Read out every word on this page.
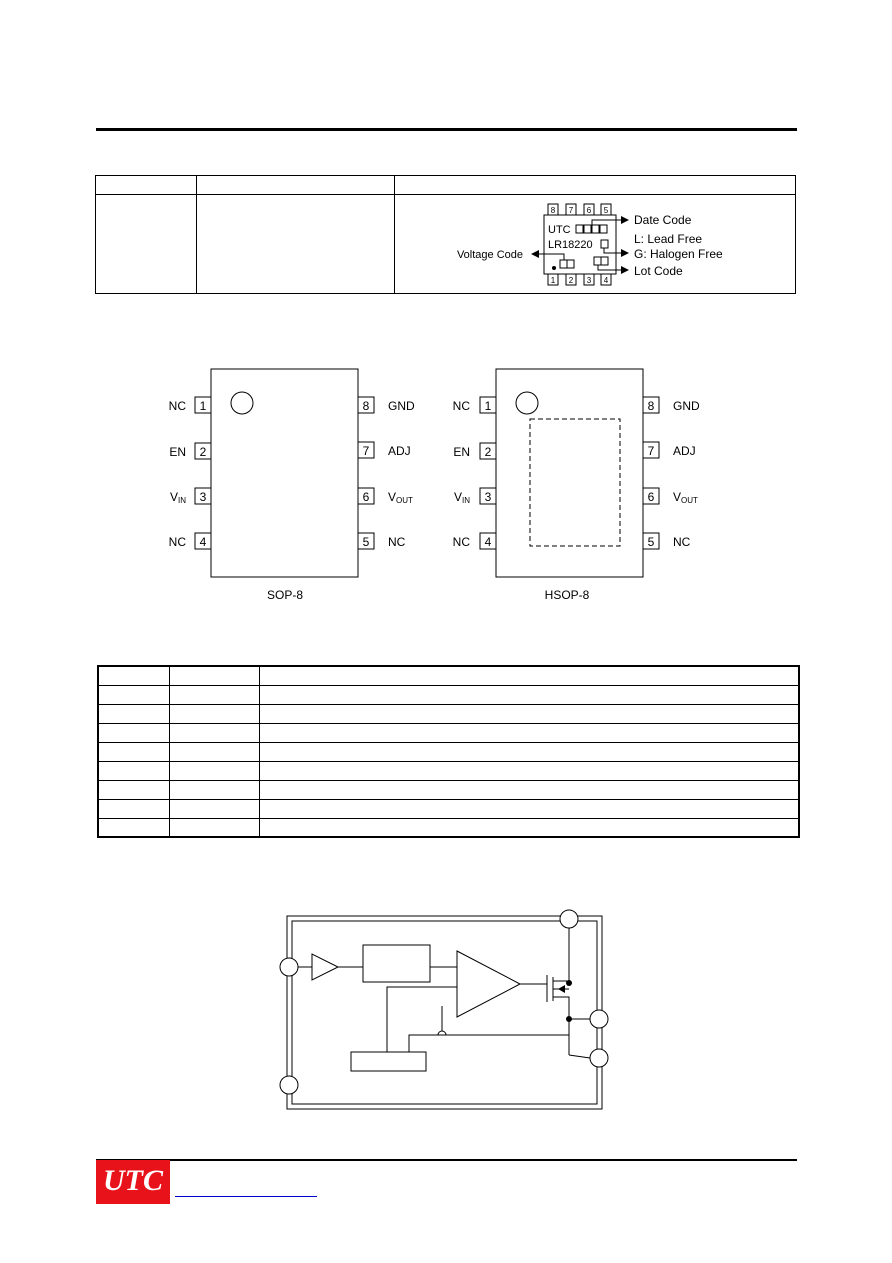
8 7 6 5
1 2 3 4
UTC
LR18220
Date Code
L: Lead Free
G: Halogen Free
Voltage Code
Lot Code
1
2
3
4
NC
EN
VIN
NC
8
7
6
5
GND
ADJ
VOUT
NC
SOP-8
1
2
3
4
NC
EN
VIN
NC
8
7
6
5
GND
ADJ
VOUT
NC
HSOP-8

UTC
